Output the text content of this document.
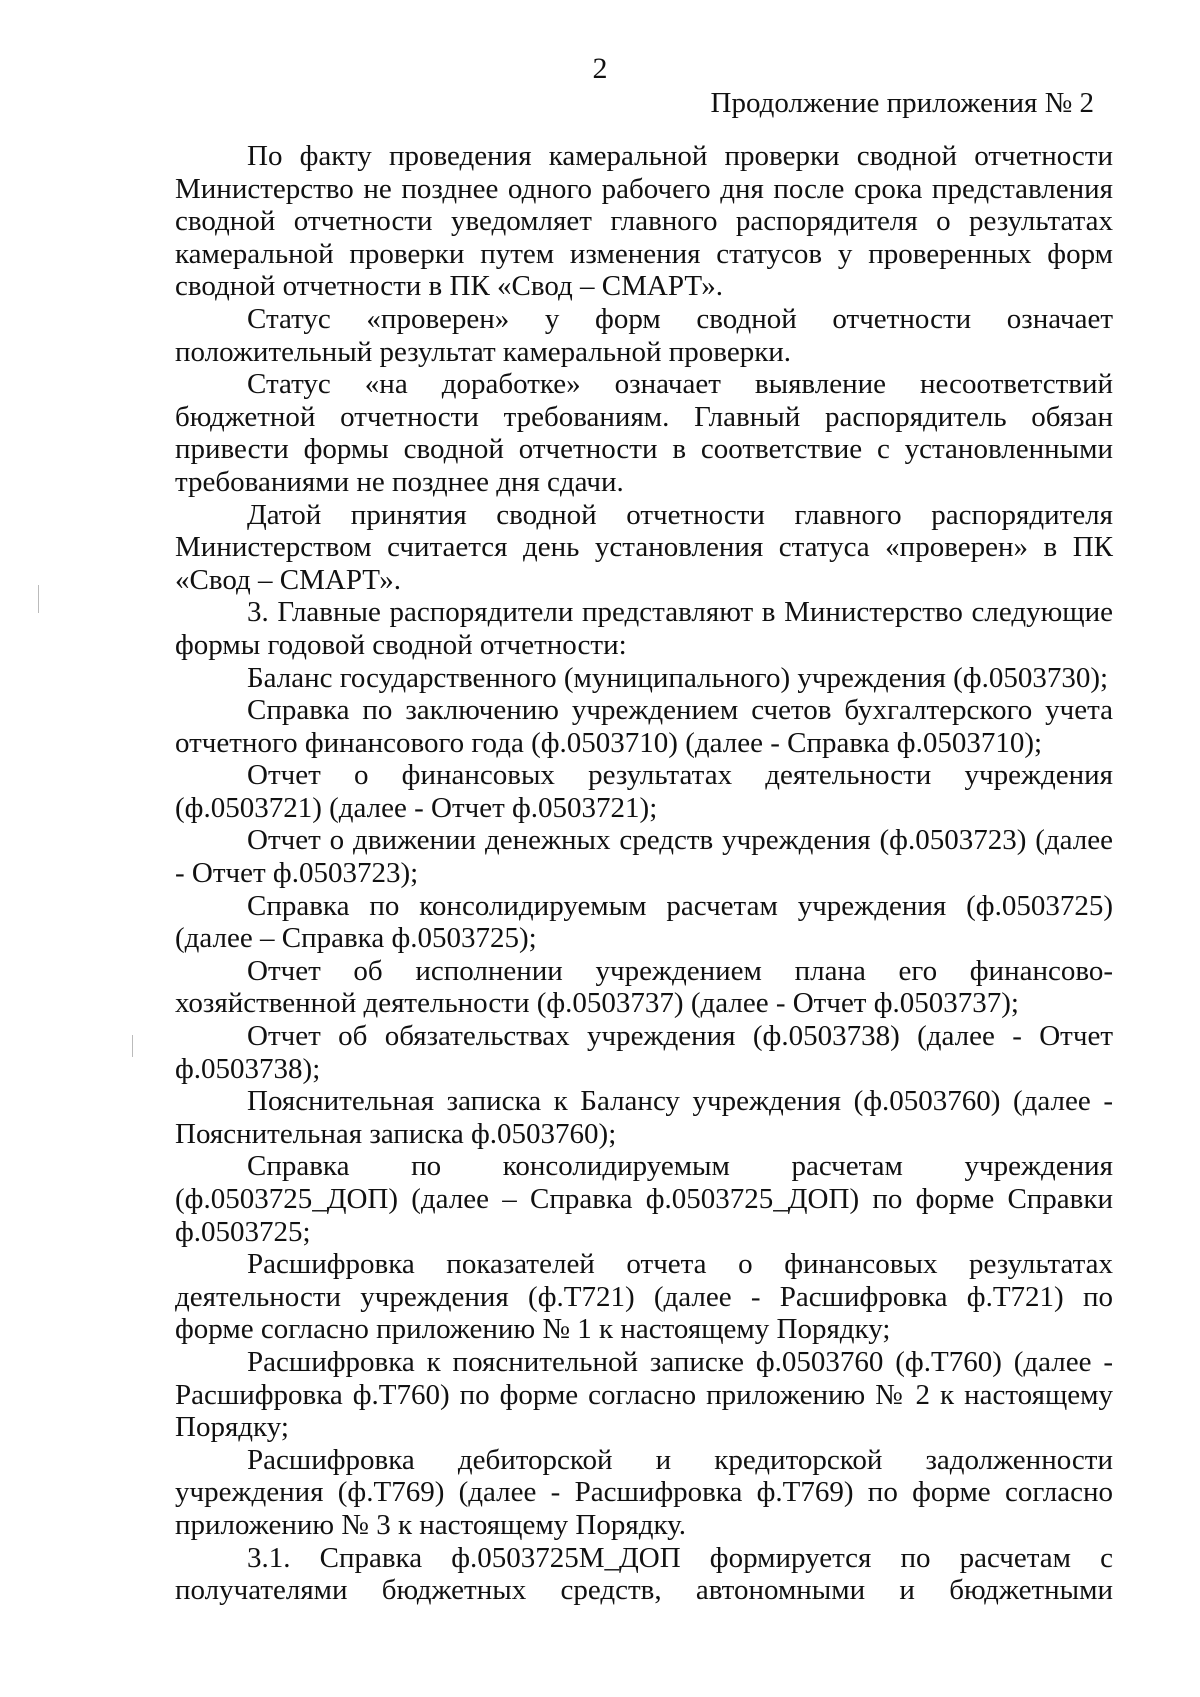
2
Продолжение приложения № 2

По факту проведения камеральной проверки сводной отчетности Министерство не позднее одного рабочего дня после срока представления сводной отчетности уведомляет главного распорядителя о результатах камеральной проверки путем изменения статусов у проверенных форм сводной отчетности в ПК «Свод – СМАРТ».

Статус «проверен» у форм сводной отчетности означает положительный результат камеральной проверки.

Статус «на доработке» означает выявление несоответствий бюджетной отчетности требованиям. Главный распорядитель обязан привести формы сводной отчетности в соответствие с установленными требованиями не позднее дня сдачи.

Датой принятия сводной отчетности главного распорядителя Министерством считается день установления статуса «проверен» в ПК «Свод – СМАРТ».

3. Главные распорядители представляют в Министерство следующие формы годовой сводной отчетности:

Баланс государственного (муниципального) учреждения (ф.0503730);

Справка по заключению учреждением счетов бухгалтерского учета отчетного финансового года (ф.0503710) (далее - Справка ф.0503710);

Отчет о финансовых результатах деятельности учреждения (ф.0503721) (далее - Отчет ф.0503721);

Отчет о движении денежных средств учреждения (ф.0503723) (далее - Отчет ф.0503723);

Справка по консолидируемым расчетам учреждения (ф.0503725) (далее – Справка ф.0503725);

Отчет об исполнении учреждением плана его финансово-хозяйственной деятельности (ф.0503737) (далее - Отчет ф.0503737);

Отчет об обязательствах учреждения (ф.0503738) (далее - Отчет ф.0503738);

Пояснительная записка к Балансу учреждения (ф.0503760) (далее - Пояснительная записка ф.0503760);

Справка по консолидируемым расчетам учреждения (ф.0503725_ДОП) (далее – Справка ф.0503725_ДОП) по форме Справки ф.0503725;

Расшифровка показателей отчета о финансовых результатах деятельности учреждения (ф.Т721) (далее - Расшифровка ф.Т721) по форме согласно приложению № 1 к настоящему Порядку;

Расшифровка к пояснительной записке ф.0503760 (ф.Т760) (далее - Расшифровка ф.Т760) по форме согласно приложению № 2 к настоящему Порядку;

Расшифровка дебиторской и кредиторской задолженности учреждения (ф.Т769) (далее - Расшифровка ф.Т769) по форме согласно приложению № 3 к настоящему Порядку.

3.1. Справка ф.0503725М_ДОП формируется по расчетам с получателями бюджетных средств, автономными и бюджетными
